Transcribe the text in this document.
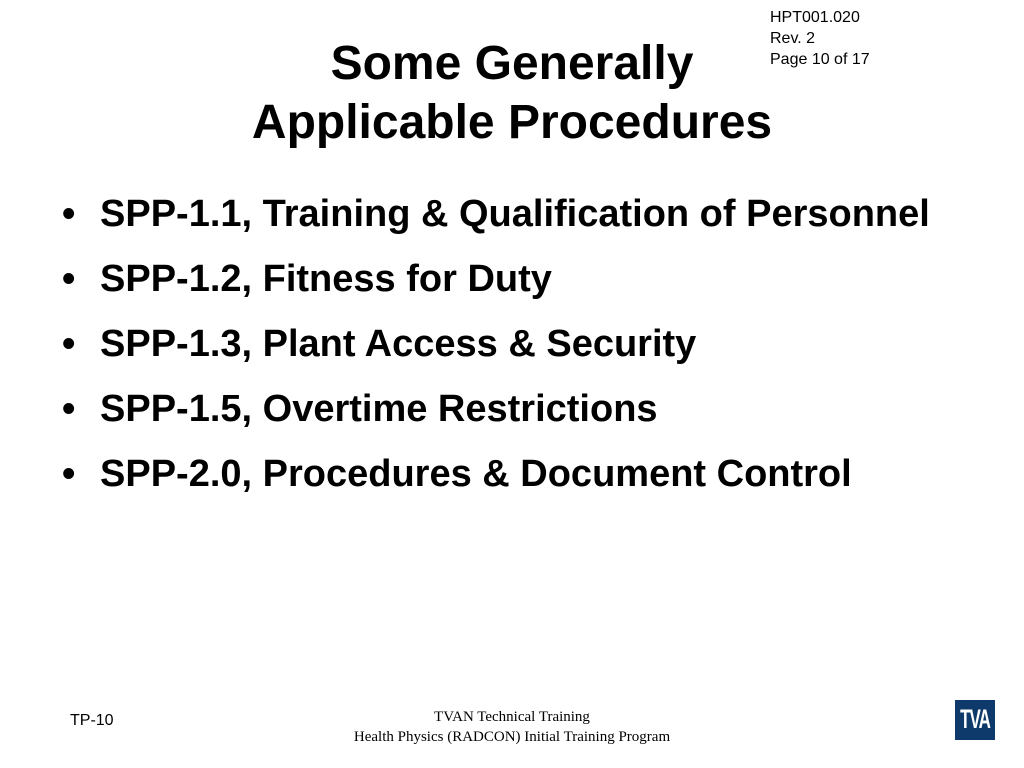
HPT001.020
Rev. 2
Page 10 of 17
Some Generally
Applicable Procedures
• SPP-1.1, Training & Qualification of Personnel
• SPP-1.2, Fitness for Duty
• SPP-1.3, Plant Access & Security
• SPP-1.5, Overtime Restrictions
• SPP-2.0, Procedures & Document Control
TP-10	TVAN Technical Training
Health Physics (RADCON) Initial Training Program
TVA
